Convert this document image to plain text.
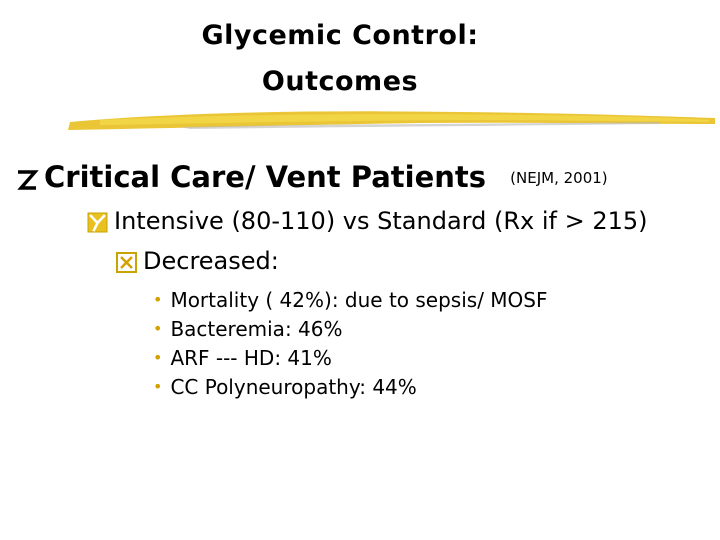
Glycemic Control:
Outcomes
Critical Care/ Vent Patients (NEJM, 2001)
Intensive (80-110) vs Standard (Rx if > 215)
Decreased:
• Mortality ( 42%): due to sepsis/ MOSF
• Bacteremia: 46%
• ARF --- HD: 41%
• CC Polyneuropathy: 44%
